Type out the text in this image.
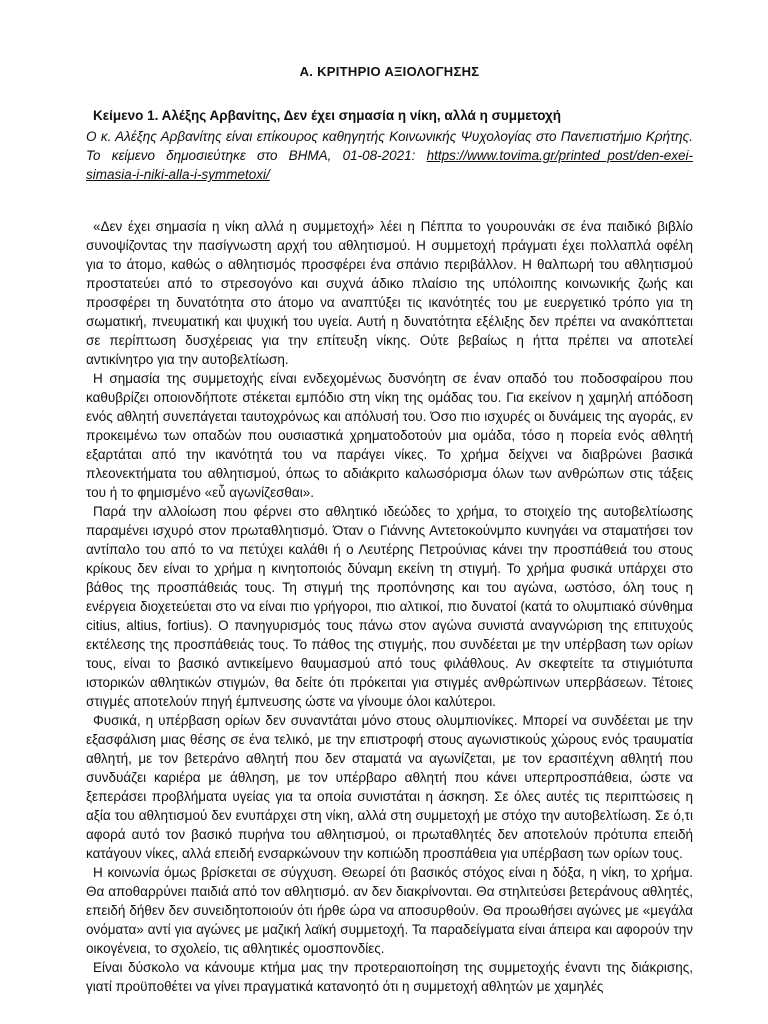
Α. ΚΡΙΤΗΡΙΟ ΑΞΙΟΛΟΓΗΣΗΣ
Κείμενο 1. Αλέξης Αρβανίτης, Δεν έχει σημασία η νίκη, αλλά η συμμετοχή
Ο κ. Αλέξης Αρβανίτης είναι επίκουρος καθηγητής Κοινωνικής Ψυχολογίας στο Πανεπιστήμιο Κρήτης. Το κείμενο δημοσιεύτηκε στο ΒΗΜΑ, 01-08-2021: https://www.tovima.gr/printed_post/den-exei-simasia-i-niki-alla-i-symmetoxi/

«Δεν έχει σημασία η νίκη αλλά η συμμετοχή» λέει η Πέππα το γουρουνάκι σε ένα παιδικό βιβλίο συνοψίζοντας την πασίγνωστη αρχή του αθλητισμού. Η συμμετοχή πράγματι έχει πολλαπλά οφέλη για το άτομο, καθώς ο αθλητισμός προσφέρει ένα σπάνιο περιβάλλον. Η θαλπωρή του αθλητισμού προστατεύει από το στρεσογόνο και συχνά άδικο πλαίσιο της υπόλοιπης κοινωνικής ζωής και προσφέρει τη δυνατότητα στο άτομο να αναπτύξει τις ικανότητές του με ευεργετικό τρόπο για τη σωματική, πνευματική και ψυχική του υγεία. Αυτή η δυνατότητα εξέλιξης δεν πρέπει να ανακόπτεται σε περίπτωση δυσχέρειας για την επίτευξη νίκης. Ούτε βεβαίως η ήττα πρέπει να αποτελεί αντικίνητρο για την αυτοβελτίωση.

Η σημασία της συμμετοχής είναι ενδεχομένως δυσνόητη σε έναν οπαδό του ποδοσφαίρου που καθυβρίζει οποιονδήποτε στέκεται εμπόδιο στη νίκη της ομάδας του. Για εκείνον η χαμηλή απόδοση ενός αθλητή συνεπάγεται ταυτοχρόνως και απόλυσή του. Όσο πιο ισχυρές οι δυνάμεις της αγοράς, εν προκειμένω των οπαδών που ουσιαστικά χρηματοδοτούν μια ομάδα, τόσο η πορεία ενός αθλητή εξαρτάται από την ικανότητά του να παράγει νίκες. Το χρήμα δείχνει να διαβρώνει βασικά πλεονεκτήματα του αθλητισμού, όπως το αδιάκριτο καλωσόρισμα όλων των ανθρώπων στις τάξεις του ή το φημισμένο «εὖ αγωνίζεσθαι».

Παρά την αλλοίωση που φέρνει στο αθλητικό ιδεώδες το χρήμα, το στοιχείο της αυτοβελτίωσης παραμένει ισχυρό στον πρωταθλητισμό. Όταν ο Γιάννης Αντετοκούνμπο κυνηγάει να σταματήσει τον αντίπαλο του από το να πετύχει καλάθι ή ο Λευτέρης Πετρούνιας κάνει την προσπάθειά του στους κρίκους δεν είναι το χρήμα η κινητοποιός δύναμη εκείνη τη στιγμή. Το χρήμα φυσικά υπάρχει στο βάθος της προσπάθειάς τους. Τη στιγμή της προπόνησης και του αγώνα, ωστόσο, όλη τους η ενέργεια διοχετεύεται στο να είναι πιο γρήγοροι, πιο αλτικοί, πιο δυνατοί (κατά το ολυμπιακό σύνθημα citius, altius, fortius). Ο πανηγυρισμός τους πάνω στον αγώνα συνιστά αναγνώριση της επιτυχούς εκτέλεσης της προσπάθειάς τους. Το πάθος της στιγμής, που συνδέεται με την υπέρβαση των ορίων τους, είναι το βασικό αντικείμενο θαυμασμού από τους φιλάθλους. Αν σκεφτείτε τα στιγμιότυπα ιστορικών αθλητικών στιγμών, θα δείτε ότι πρόκειται για στιγμές ανθρώπινων υπερβάσεων. Τέτοιες στιγμές αποτελούν πηγή έμπνευσης ώστε να γίνουμε όλοι καλύτεροι.

Φυσικά, η υπέρβαση ορίων δεν συναντάται μόνο στους ολυμπιονίκες. Μπορεί να συνδέεται με την εξασφάλιση μιας θέσης σε ένα τελικό, με την επιστροφή στους αγωνιστικούς χώρους ενός τραυματία αθλητή, με τον βετεράνο αθλητή που δεν σταματά να αγωνίζεται, με τον ερασιτέχνη αθλητή που συνδυάζει καριέρα με άθληση, με τον υπέρβαρο αθλητή που κάνει υπερπροσπάθεια, ώστε να ξεπεράσει προβλήματα υγείας για τα οποία συνιστάται η άσκηση. Σε όλες αυτές τις περιπτώσεις η αξία του αθλητισμού δεν ενυπάρχει στη νίκη, αλλά στη συμμετοχή με στόχο την αυτοβελτίωση. Σε ό,τι αφορά αυτό τον βασικό πυρήνα του αθλητισμού, οι πρωταθλητές δεν αποτελούν πρότυπα επειδή κατάγουν νίκες, αλλά επειδή ενσαρκώνουν την κοπιώδη προσπάθεια για υπέρβαση των ορίων τους.

Η κοινωνία όμως βρίσκεται σε σύγχυση. Θεωρεί ότι βασικός στόχος είναι η δόξα, η νίκη, το χρήμα. Θα αποθαρρύνει παιδιά από τον αθλητισμό. αν δεν διακρίνονται. Θα στηλιτεύσει βετεράνους αθλητές, επειδή δήθεν δεν συνειδητοποιούν ότι ήρθε ώρα να αποσυρθούν. Θα προωθήσει αγώνες με «μεγάλα ονόματα» αντί για αγώνες με μαζική λαϊκή συμμετοχή. Τα παραδείγματα είναι άπειρα και αφορούν την οικογένεια, το σχολείο, τις αθλητικές ομοσπονδίες.

Είναι δύσκολο να κάνουμε κτήμα μας την προτεραιοποίηση της συμμετοχής έναντι της διάκρισης, γιατί προϋποθέτει να γίνει πραγματικά κατανοητό ότι η συμμετοχή αθλητών με χαμηλές
